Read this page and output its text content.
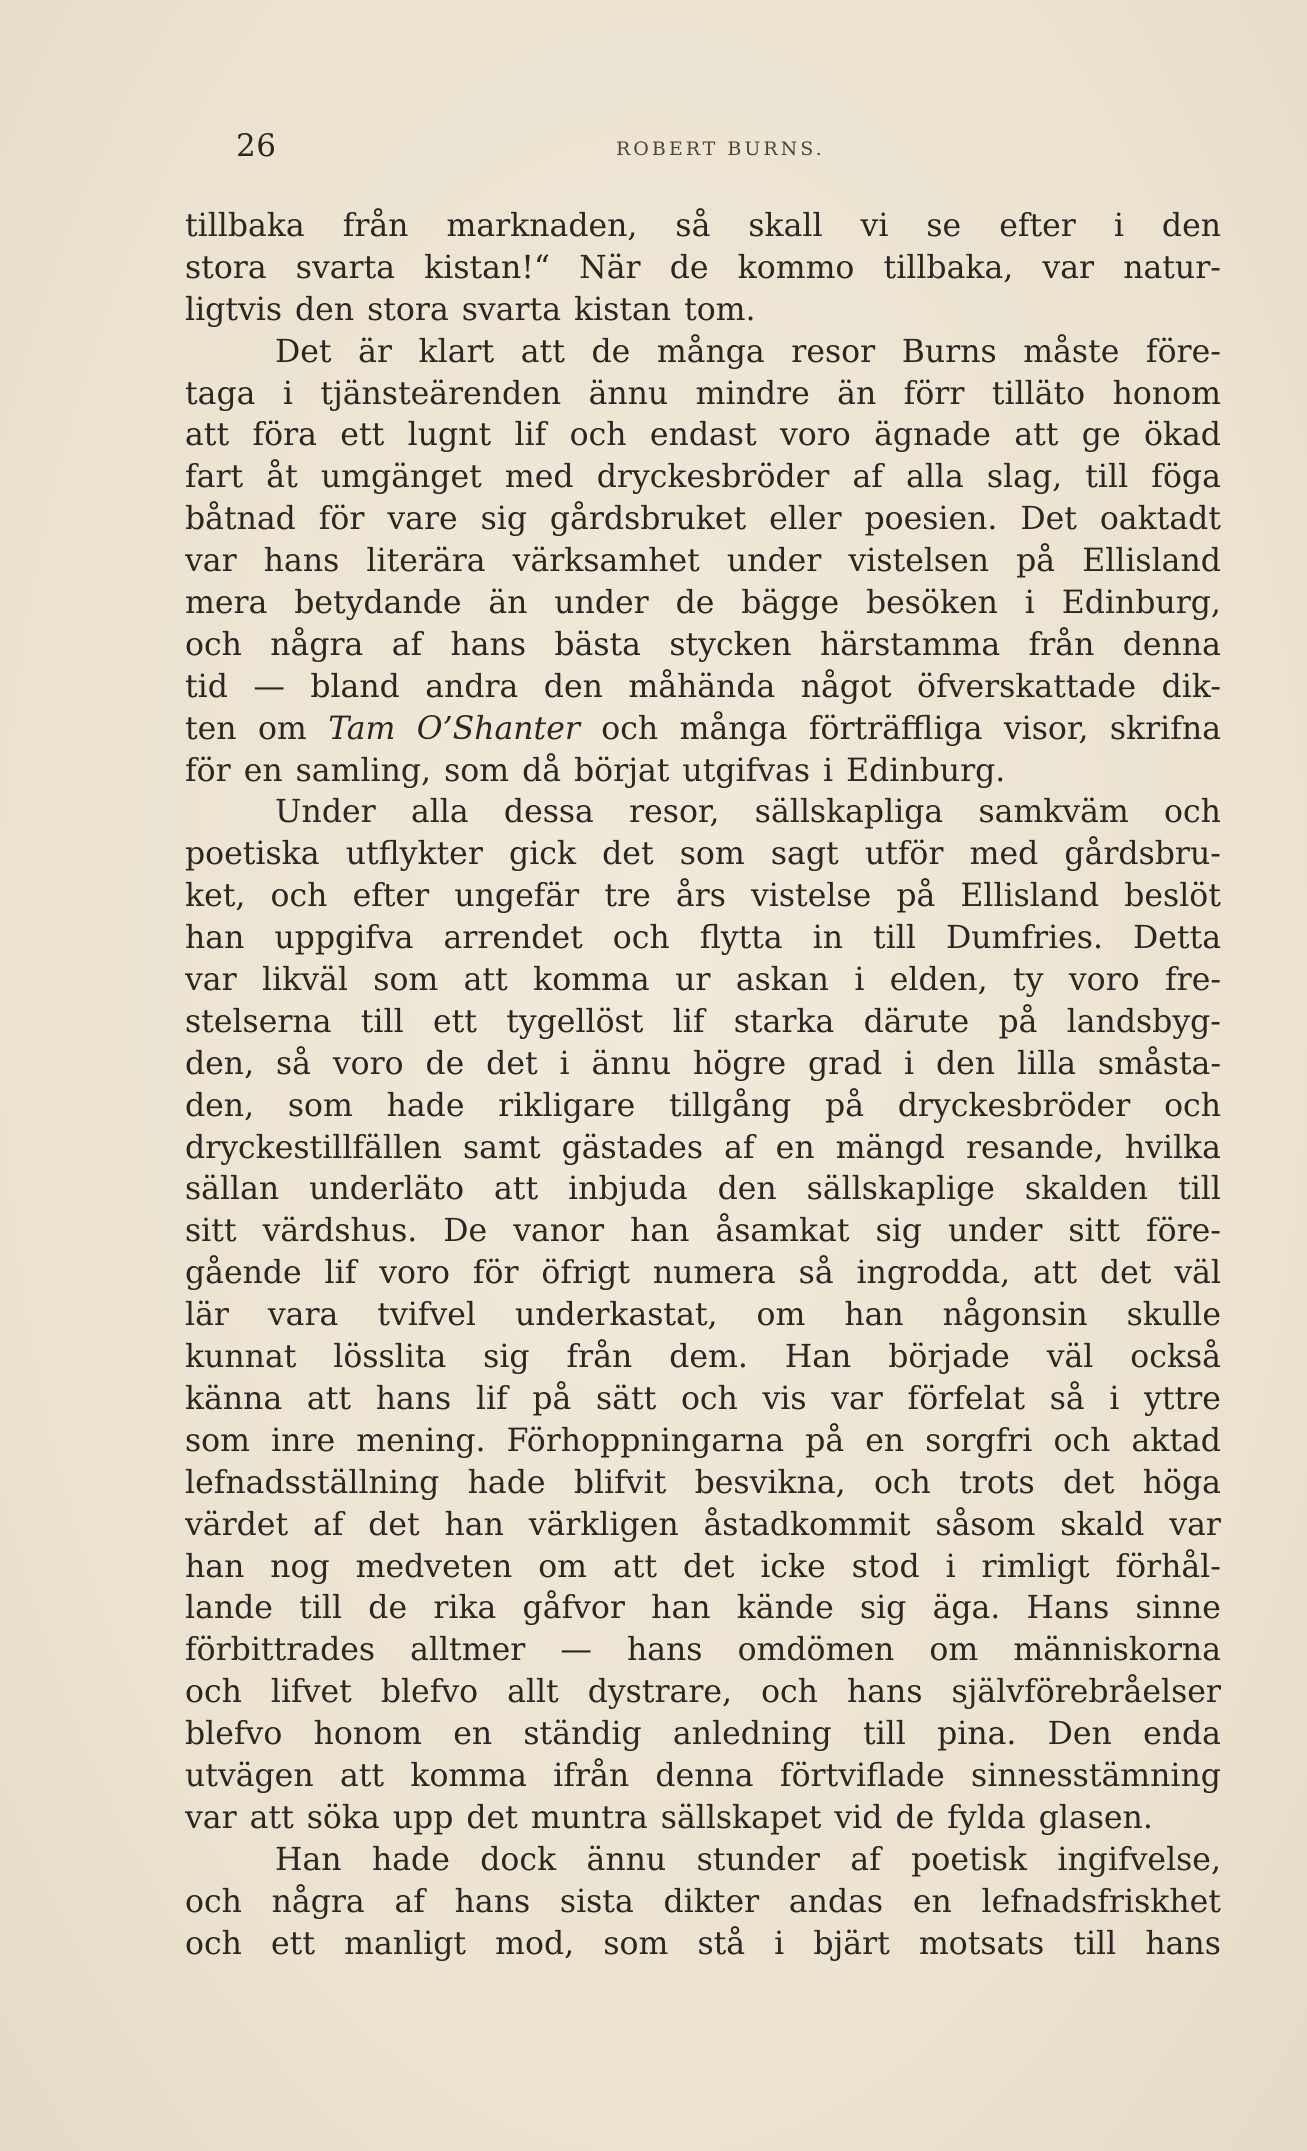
26	ROBERT BURNS.
tillbaka från marknaden, så skall vi se efter i den
stora svarta kistan!“ När de kommo tillbaka, var natur-
ligtvis den stora svarta kistan tom.
Det är klart att de många resor Burns måste före-
taga i tjänsteärenden ännu mindre än förr tilläto honom
att föra ett lugnt lif och endast voro ägnade att ge ökad
fart åt umgänget med dryckesbröder af alla slag, till föga
båtnad för vare sig gårdsbruket eller poesien. Det oaktadt
var hans literära värksamhet under vistelsen på Ellisland
mera betydande än under de bägge besöken i Edinburg,
och några af hans bästa stycken härstamma från denna
tid — bland andra den måhända något öfverskattade dik-
ten om Tam O’Shanter och många förträffliga visor, skrifna
för en samling, som då börjat utgifvas i Edinburg.
Under alla dessa resor, sällskapliga samkväm och
poetiska utflykter gick det som sagt utför med gårdsbru-
ket, och efter ungefär tre års vistelse på Ellisland beslöt
han uppgifva arrendet och flytta in till Dumfries. Detta
var likväl som att komma ur askan i elden, ty voro fre-
stelserna till ett tygellöst lif starka därute på landsbyg-
den, så voro de det i ännu högre grad i den lilla småsta-
den, som hade rikligare tillgång på dryckesbröder och
dryckestillfällen samt gästades af en mängd resande, hvilka
sällan underläto att inbjuda den sällskaplige skalden till
sitt värdshus. De vanor han åsamkat sig under sitt före-
gående lif voro för öfrigt numera så ingrodda, att det väl
lär vara tvifvel underkastat, om han någonsin skulle
kunnat lösslita sig från dem. Han började väl också
känna att hans lif på sätt och vis var förfelat så i yttre
som inre mening. Förhoppningarna på en sorgfri och aktad
lefnadsställning hade blifvit besvikna, och trots det höga
värdet af det han värkligen åstadkommit såsom skald var
han nog medveten om att det icke stod i rimligt förhål-
lande till de rika gåfvor han kände sig äga. Hans sinne
förbittrades alltmer — hans omdömen om människorna
och lifvet blefvo allt dystrare, och hans självförebråelser
blefvo honom en ständig anledning till pina. Den enda
utvägen att komma ifrån denna förtviflade sinnesstämning
var att söka upp det muntra sällskapet vid de fylda glasen.
Han hade dock ännu stunder af poetisk ingifvelse,
och några af hans sista dikter andas en lefnadsfriskhet
och ett manligt mod, som stå i bjärt motsats till hans
